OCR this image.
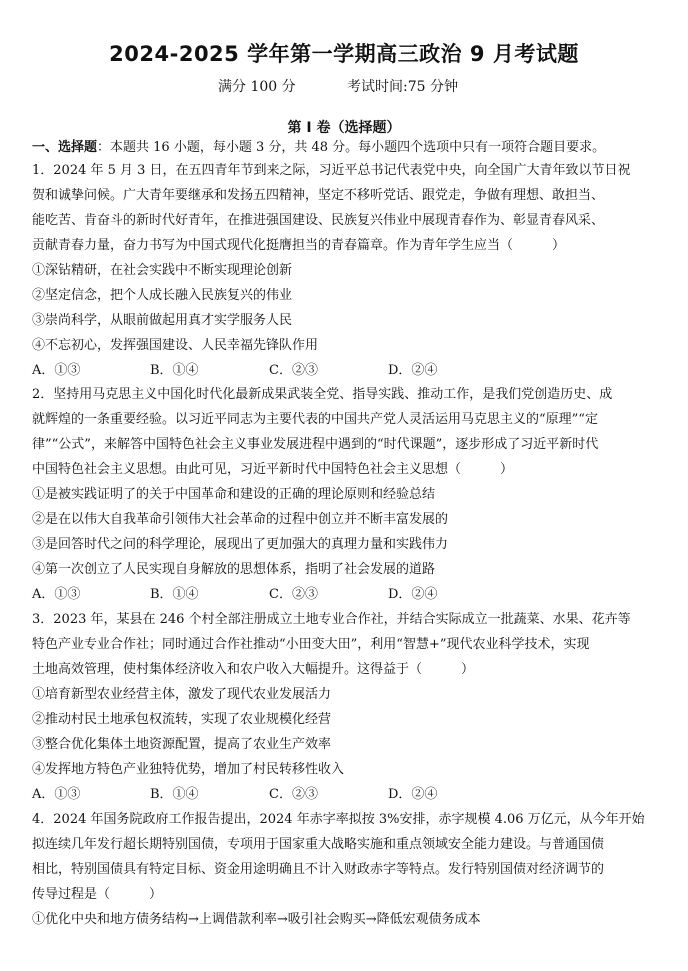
2024-2025 学年第一学期高三政治 9 月考试题
满分 100 分	考试时间:75 分钟
第 I 卷（选择题）
一、选择题：本题共 16 小题，每小题 3 分，共 48 分。每小题四个选项中只有一项符合题目要求。
1．2024 年 5 月 3 日，在五四青年节到来之际，习近平总书记代表党中央，向全国广大青年致以节日祝
贺和诚挚问候。广大青年要继承和发扬五四精神，坚定不移听党话、跟党走，争做有理想、敢担当、
能吃苦、肯奋斗的新时代好青年，在推进强国建设、民族复兴伟业中展现青春作为、彰显青春风采、
贡献青春力量，奋力书写为中国式现代化挺膺担当的青春篇章。作为青年学生应当（　　　）
①深钻精研，在社会实践中不断实现理论创新
②坚定信念，把个人成长融入民族复兴的伟业
③崇尚科学，从眼前做起用真才实学服务人民
④不忘初心，发挥强国建设、人民幸福先锋队作用
A．①③	B．①④	C．②③	D．②④
2．坚持用马克思主义中国化时代化最新成果武装全党、指导实践、推动工作，是我们党创造历史、成
就辉煌的一条重要经验。以习近平同志为主要代表的中国共产党人灵活运用马克思主义的“原理”“定
律”“公式”，来解答中国特色社会主义事业发展进程中遇到的“时代课题”，逐步形成了习近平新时代
中国特色社会主义思想。由此可见，习近平新时代中国特色社会主义思想（　　　）
①是被实践证明了的关于中国革命和建设的正确的理论原则和经验总结
②是在以伟大自我革命引领伟大社会革命的过程中创立并不断丰富发展的
③是回答时代之问的科学理论，展现出了更加强大的真理力量和实践伟力
④第一次创立了人民实现自身解放的思想体系，指明了社会发展的道路
A．①③	B．①④	C．②③	D．②④
3．2023 年，某县在 246 个村全部注册成立土地专业合作社，并结合实际成立一批蔬菜、水果、花卉等
特色产业专业合作社；同时通过合作社推动“小田变大田”，利用“智慧+”现代农业科学技术，实现
土地高效管理，使村集体经济收入和农户收入大幅提升。这得益于（　　　）
①培育新型农业经营主体，激发了现代农业发展活力
②推动村民土地承包权流转，实现了农业规模化经营
③整合优化集体土地资源配置，提高了农业生产效率
④发挥地方特色产业独特优势，增加了村民转移性收入
A．①③	B．①④	C．②③	D．②④
4．2024 年国务院政府工作报告提出，2024 年赤字率拟按 3%安排，赤字规模 4.06 万亿元，从今年开始
拟连续几年发行超长期特别国债，专项用于国家重大战略实施和重点领域安全能力建设。与普通国债
相比，特别国债具有特定目标、资金用途明确且不计入财政赤字等特点。发行特别国债对经济调节的
传导过程是（　　　）
①优化中央和地方债务结构→上调借款利率→吸引社会购买→降低宏观债务成本
